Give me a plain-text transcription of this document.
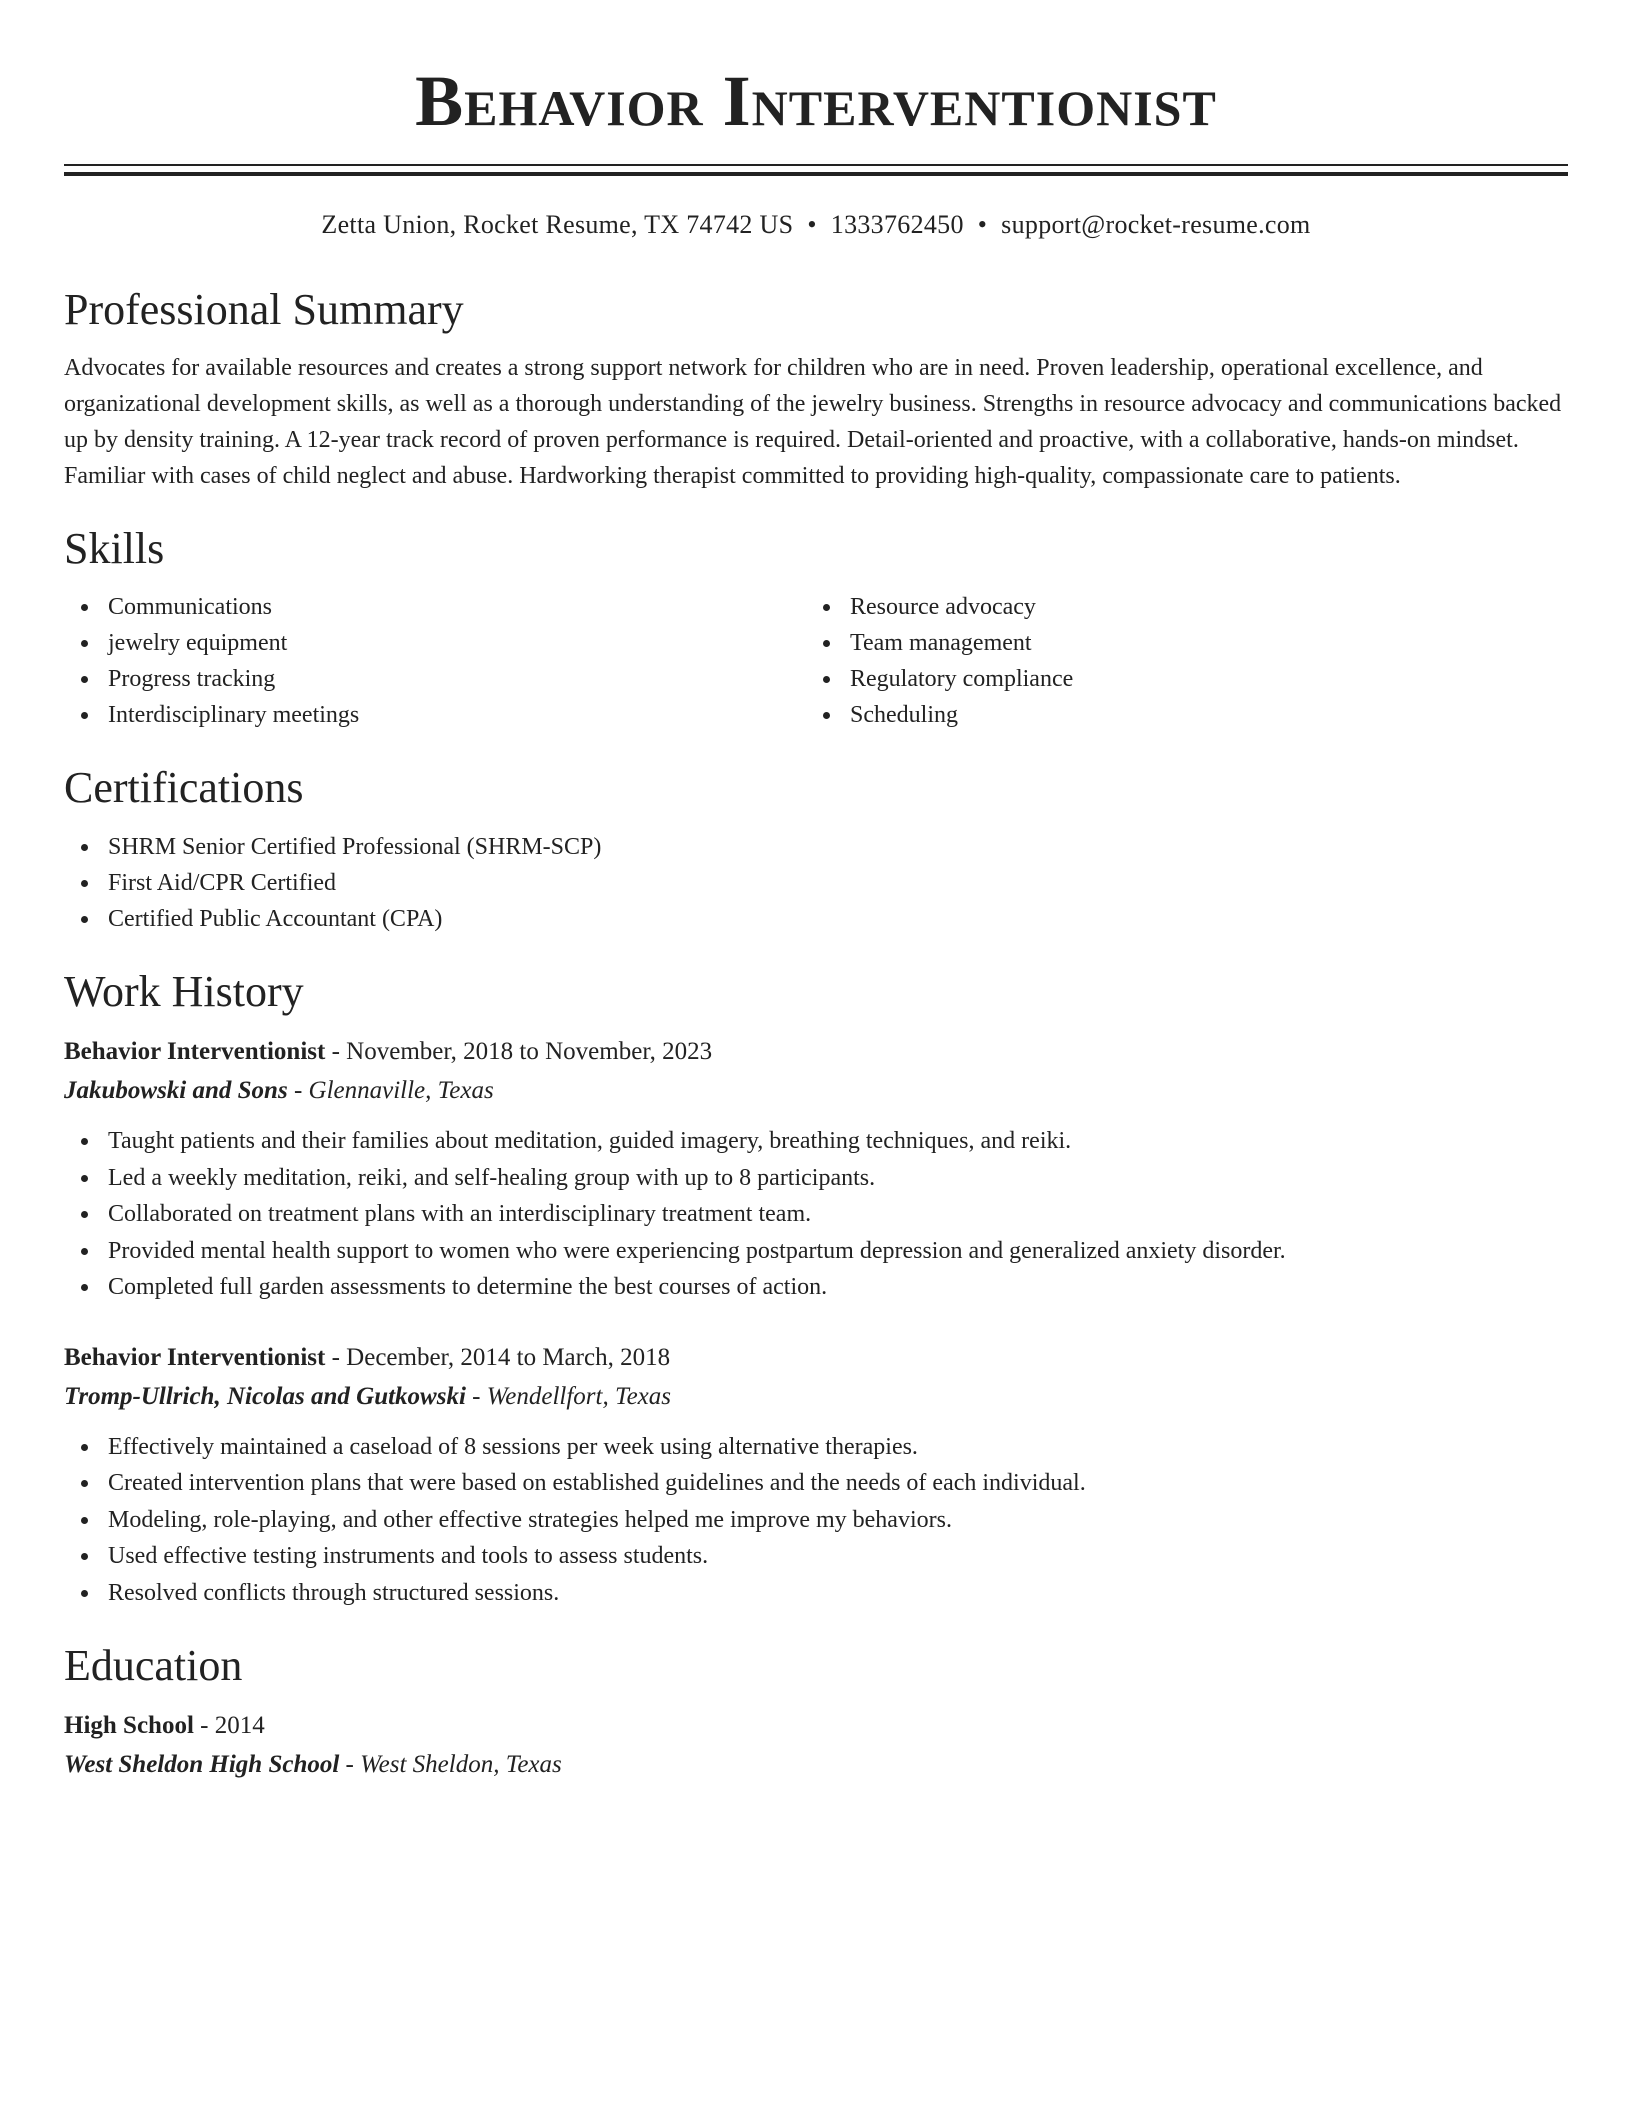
Behavior Interventionist
Zetta Union, Rocket Resume, TX 74742 US • 1333762450 • support@rocket-resume.com
Professional Summary

Advocates for available resources and creates a strong support network for children who are in need. Proven leadership, operational excellence, and organizational development skills, as well as a thorough understanding of the jewelry business. Strengths in resource advocacy and communications backed up by density training. A 12-year track record of proven performance is required. Detail-oriented and proactive, with a collaborative, hands-on mindset. Familiar with cases of child neglect and abuse. Hardworking therapist committed to providing high-quality, compassionate care to patients.

Skills
Communications
jewelry equipment
Progress tracking
Interdisciplinary meetings
Resource advocacy
Team management
Regulatory compliance
Scheduling
Certifications
SHRM Senior Certified Professional (SHRM-SCP)
First Aid/CPR Certified
Certified Public Accountant (CPA)
Work History
Behavior Interventionist - November, 2018 to November, 2023
Jakubowski and Sons - Glennaville, Texas
Taught patients and their families about meditation, guided imagery, breathing techniques, and reiki.
Led a weekly meditation, reiki, and self-healing group with up to 8 participants.
Collaborated on treatment plans with an interdisciplinary treatment team.
Provided mental health support to women who were experiencing postpartum depression and generalized anxiety disorder.
Completed full garden assessments to determine the best courses of action.
Behavior Interventionist - December, 2014 to March, 2018
Tromp-Ullrich, Nicolas and Gutkowski - Wendellfort, Texas
Effectively maintained a caseload of 8 sessions per week using alternative therapies.
Created intervention plans that were based on established guidelines and the needs of each individual.
Modeling, role-playing, and other effective strategies helped me improve my behaviors.
Used effective testing instruments and tools to assess students.
Resolved conflicts through structured sessions.
Education
High School - 2014
West Sheldon High School - West Sheldon, Texas
